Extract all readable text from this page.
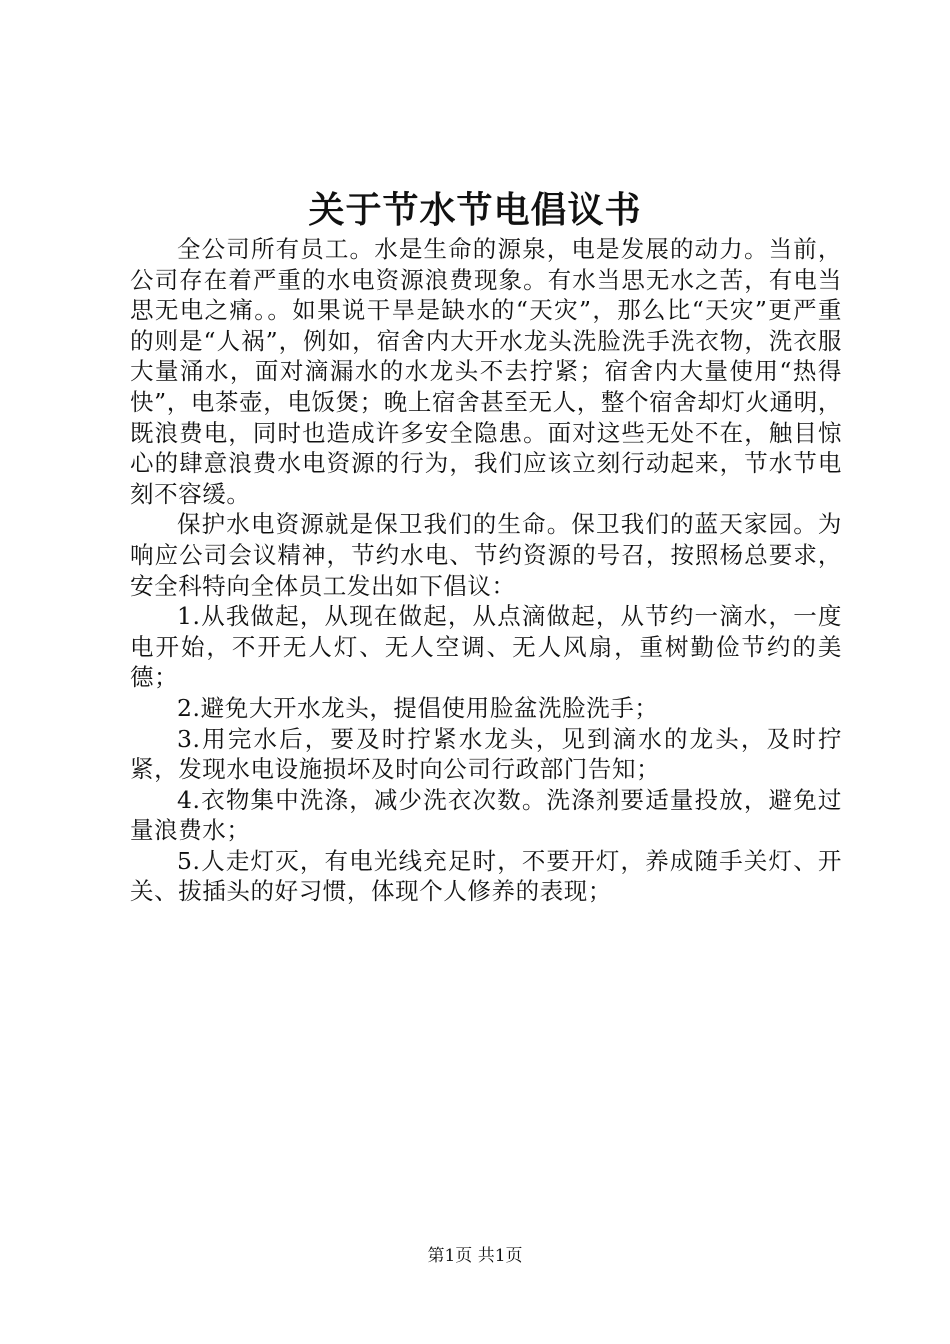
关于节水节电倡议书

全公司所有员工。水是生命的源泉，电是发展的动力。当前，公司存在着严重的水电资源浪费现象。有水当思无水之苦，有电当思无电之痛。。如果说干旱是缺水的“天灾”，那么比“天灾”更严重的则是“人祸”，例如，宿舍内大开水龙头洗脸洗手洗衣物，洗衣服大量涌水，面对滴漏水的水龙头不去拧紧；宿舍内大量使用“热得快”，电茶壶，电饭煲；晚上宿舍甚至无人，整个宿舍却灯火通明，既浪费电，同时也造成许多安全隐患。面对这些无处不在，触目惊心的肆意浪费水电资源的行为，我们应该立刻行动起来，节水节电刻不容缓。

保护水电资源就是保卫我们的生命。保卫我们的蓝天家园。为响应公司会议精神，节约水电、节约资源的号召，按照杨总要求，安全科特向全体员工发出如下倡议：

1.从我做起，从现在做起，从点滴做起，从节约一滴水，一度电开始，不开无人灯、无人空调、无人风扇，重树勤俭节约的美德；

2.避免大开水龙头，提倡使用脸盆洗脸洗手；

3.用完水后，要及时拧紧水龙头，见到滴水的龙头，及时拧紧，发现水电设施损坏及时向公司行政部门告知；

4.衣物集中洗涤，减少洗衣次数。洗涤剂要适量投放，避免过量浪费水；

5.人走灯灭，有电光线充足时，不要开灯，养成随手关灯、开关、拔插头的好习惯，体现个人修养的表现；

第1页 共1页
